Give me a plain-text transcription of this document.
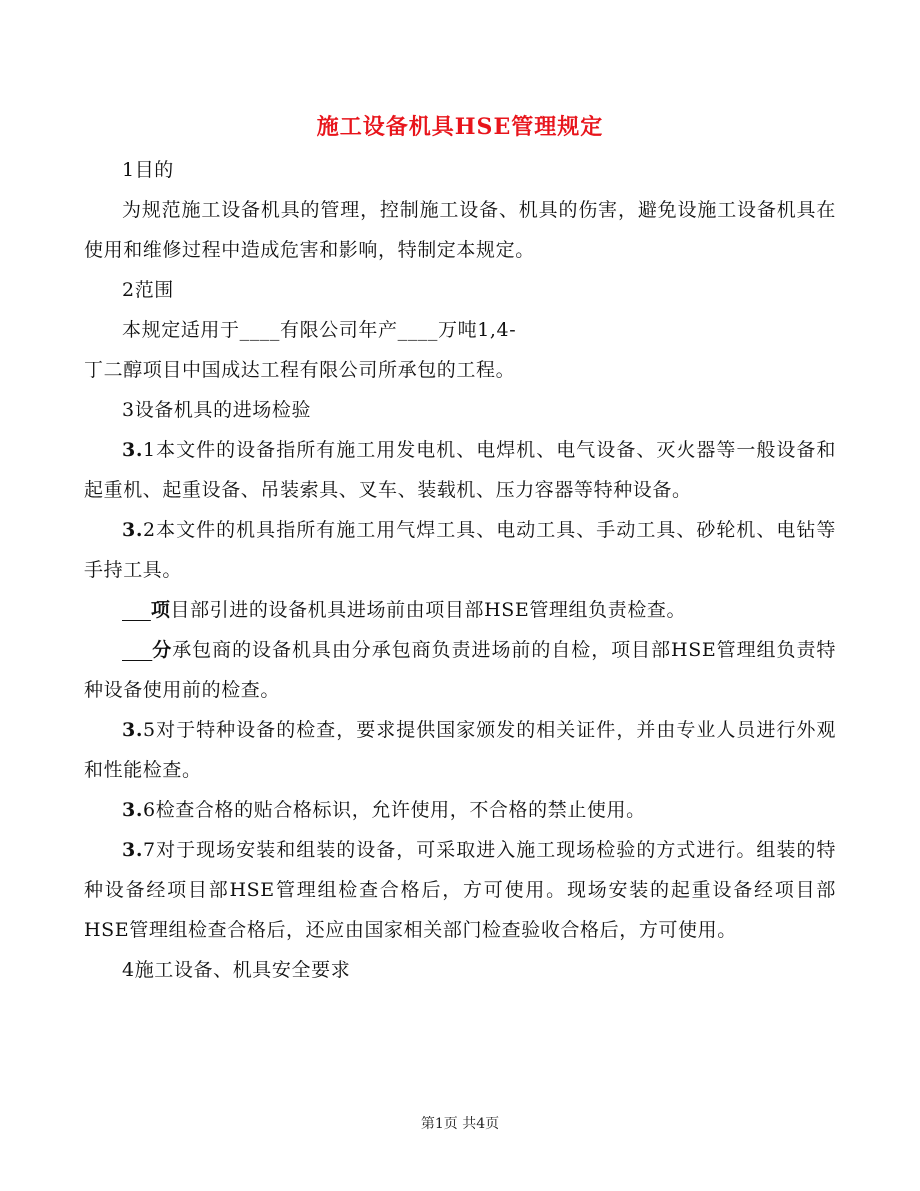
施工设备机具HSE管理规定

1目的

为规范施工设备机具的管理，控制施工设备、机具的伤害，避免设施工设备机具在使用和维修过程中造成危害和影响，特制定本规定。

2范围

本规定适用于____有限公司年产____万吨1,4-

丁二醇项目中国成达工程有限公司所承包的工程。

3设备机具的进场检验

3.1本文件的设备指所有施工用发电机、电焊机、电气设备、灭火器等一般设备和起重机、起重设备、吊装索具、叉车、装载机、压力容器等特种设备。

3.2本文件的机具指所有施工用气焊工具、电动工具、手动工具、砂轮机、电钻等手持工具。

项目部引进的设备机具进场前由项目部HSE管理组负责检查。

分承包商的设备机具由分承包商负责进场前的自检，项目部HSE管理组负责特种设备使用前的检查。

3.5对于特种设备的检查，要求提供国家颁发的相关证件，并由专业人员进行外观和性能检查。

3.6检查合格的贴合格标识，允许使用，不合格的禁止使用。

3.7对于现场安装和组装的设备，可采取进入施工现场检验的方式进行。组装的特种设备经项目部HSE管理组检查合格后，方可使用。现场安装的起重设备经项目部HSE管理组检查合格后，还应由国家相关部门检查验收合格后，方可使用。

4施工设备、机具安全要求

第1页 共4页
